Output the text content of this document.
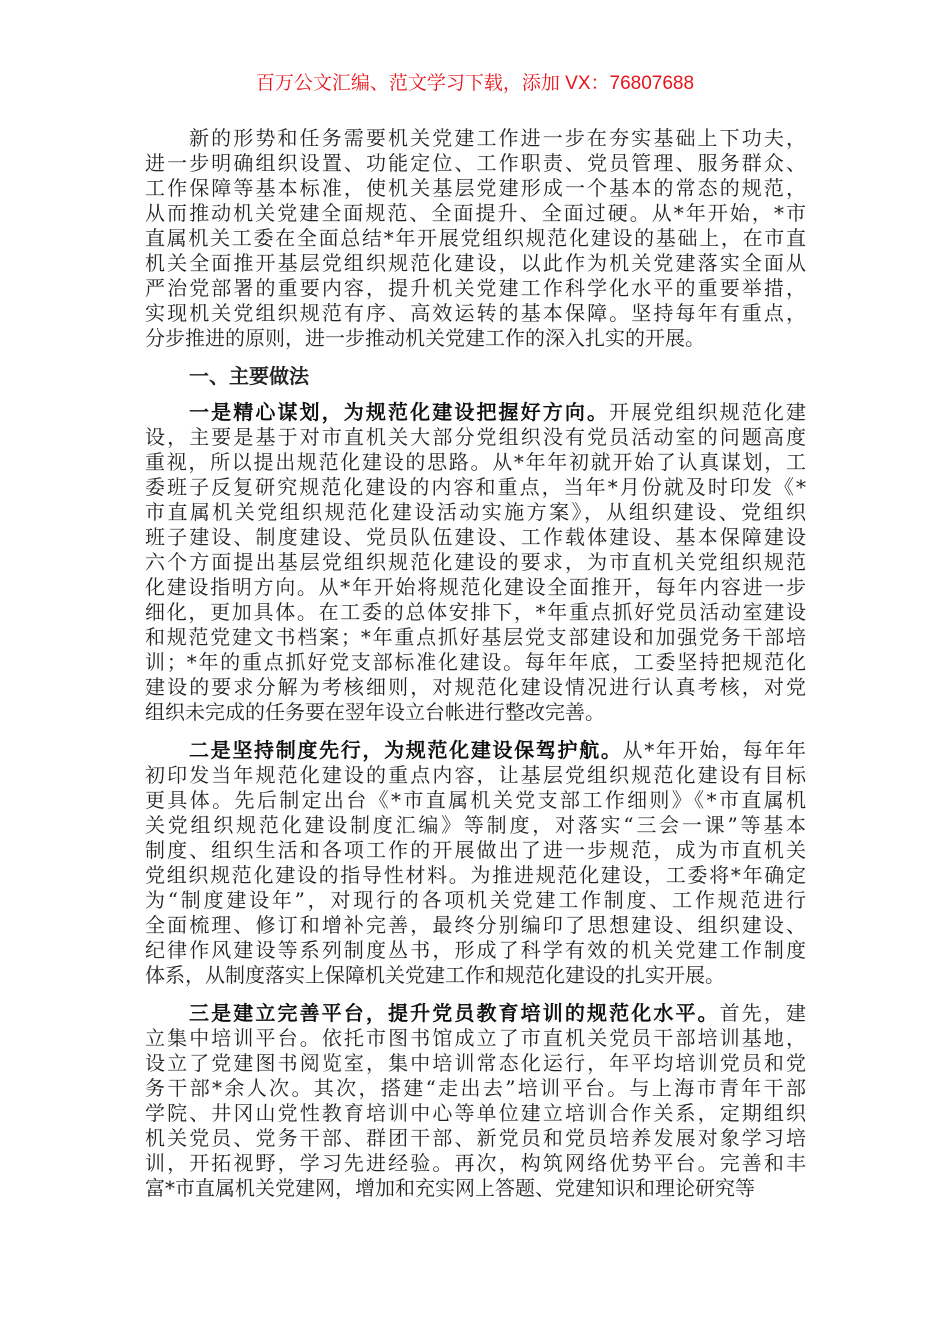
百万公文汇编、范文学习下载，添加 VX：76807688
新的形势和任务需要机关党建工作进一步在夯实基础上下功夫，
进一步明确组织设置、功能定位、工作职责、党员管理、服务群众、
工作保障等基本标准，使机关基层党建形成一个基本的常态的规范，
从而推动机关党建全面规范、全面提升、全面过硬。从*年开始，*市
直属机关工委在全面总结*年开展党组织规范化建设的基础上，在市直
机关全面推开基层党组织规范化建设，以此作为机关党建落实全面从
严治党部署的重要内容，提升机关党建工作科学化水平的重要举措，
实现机关党组织规范有序、高效运转的基本保障。坚持每年有重点，
分步推进的原则，进一步推动机关党建工作的深入扎实的开展。
一、主要做法
一是精心谋划，为规范化建设把握好方向。开展党组织规范化建
设，主要是基于对市直机关大部分党组织没有党员活动室的问题高度
重视，所以提出规范化建设的思路。从*年年初就开始了认真谋划，工
委班子反复研究规范化建设的内容和重点，当年*月份就及时印发《*
市直属机关党组织规范化建设活动实施方案》，从组织建设、党组织
班子建设、制度建设、党员队伍建设、工作载体建设、基本保障建设
六个方面提出基层党组织规范化建设的要求，为市直机关党组织规范
化建设指明方向。从*年开始将规范化建设全面推开，每年内容进一步
细化，更加具体。在工委的总体安排下，*年重点抓好党员活动室建设
和规范党建文书档案；*年重点抓好基层党支部建设和加强党务干部培
训；*年的重点抓好党支部标准化建设。每年年底，工委坚持把规范化
建设的要求分解为考核细则，对规范化建设情况进行认真考核，对党
组织未完成的任务要在翌年设立台帐进行整改完善。
二是坚持制度先行，为规范化建设保驾护航。从*年开始，每年年
初印发当年规范化建设的重点内容，让基层党组织规范化建设有目标
更具体。先后制定出台《*市直属机关党支部工作细则》《*市直属机
关党组织规范化建设制度汇编》等制度，对落实“三会一课”等基本
制度、组织生活和各项工作的开展做出了进一步规范，成为市直机关
党组织规范化建设的指导性材料。为推进规范化建设，工委将*年确定
为“制度建设年”，对现行的各项机关党建工作制度、工作规范进行
全面梳理、修订和增补完善，最终分别编印了思想建设、组织建设、
纪律作风建设等系列制度丛书，形成了科学有效的机关党建工作制度
体系，从制度落实上保障机关党建工作和规范化建设的扎实开展。
三是建立完善平台，提升党员教育培训的规范化水平。首先，建
立集中培训平台。依托市图书馆成立了市直机关党员干部培训基地，
设立了党建图书阅览室，集中培训常态化运行，年平均培训党员和党
务干部*余人次。其次，搭建“走出去”培训平台。与上海市青年干部
学院、井冈山党性教育培训中心等单位建立培训合作关系，定期组织
机关党员、党务干部、群团干部、新党员和党员培养发展对象学习培
训，开拓视野，学习先进经验。再次，构筑网络优势平台。完善和丰
富*市直属机关党建网，增加和充实网上答题、党建知识和理论研究等
